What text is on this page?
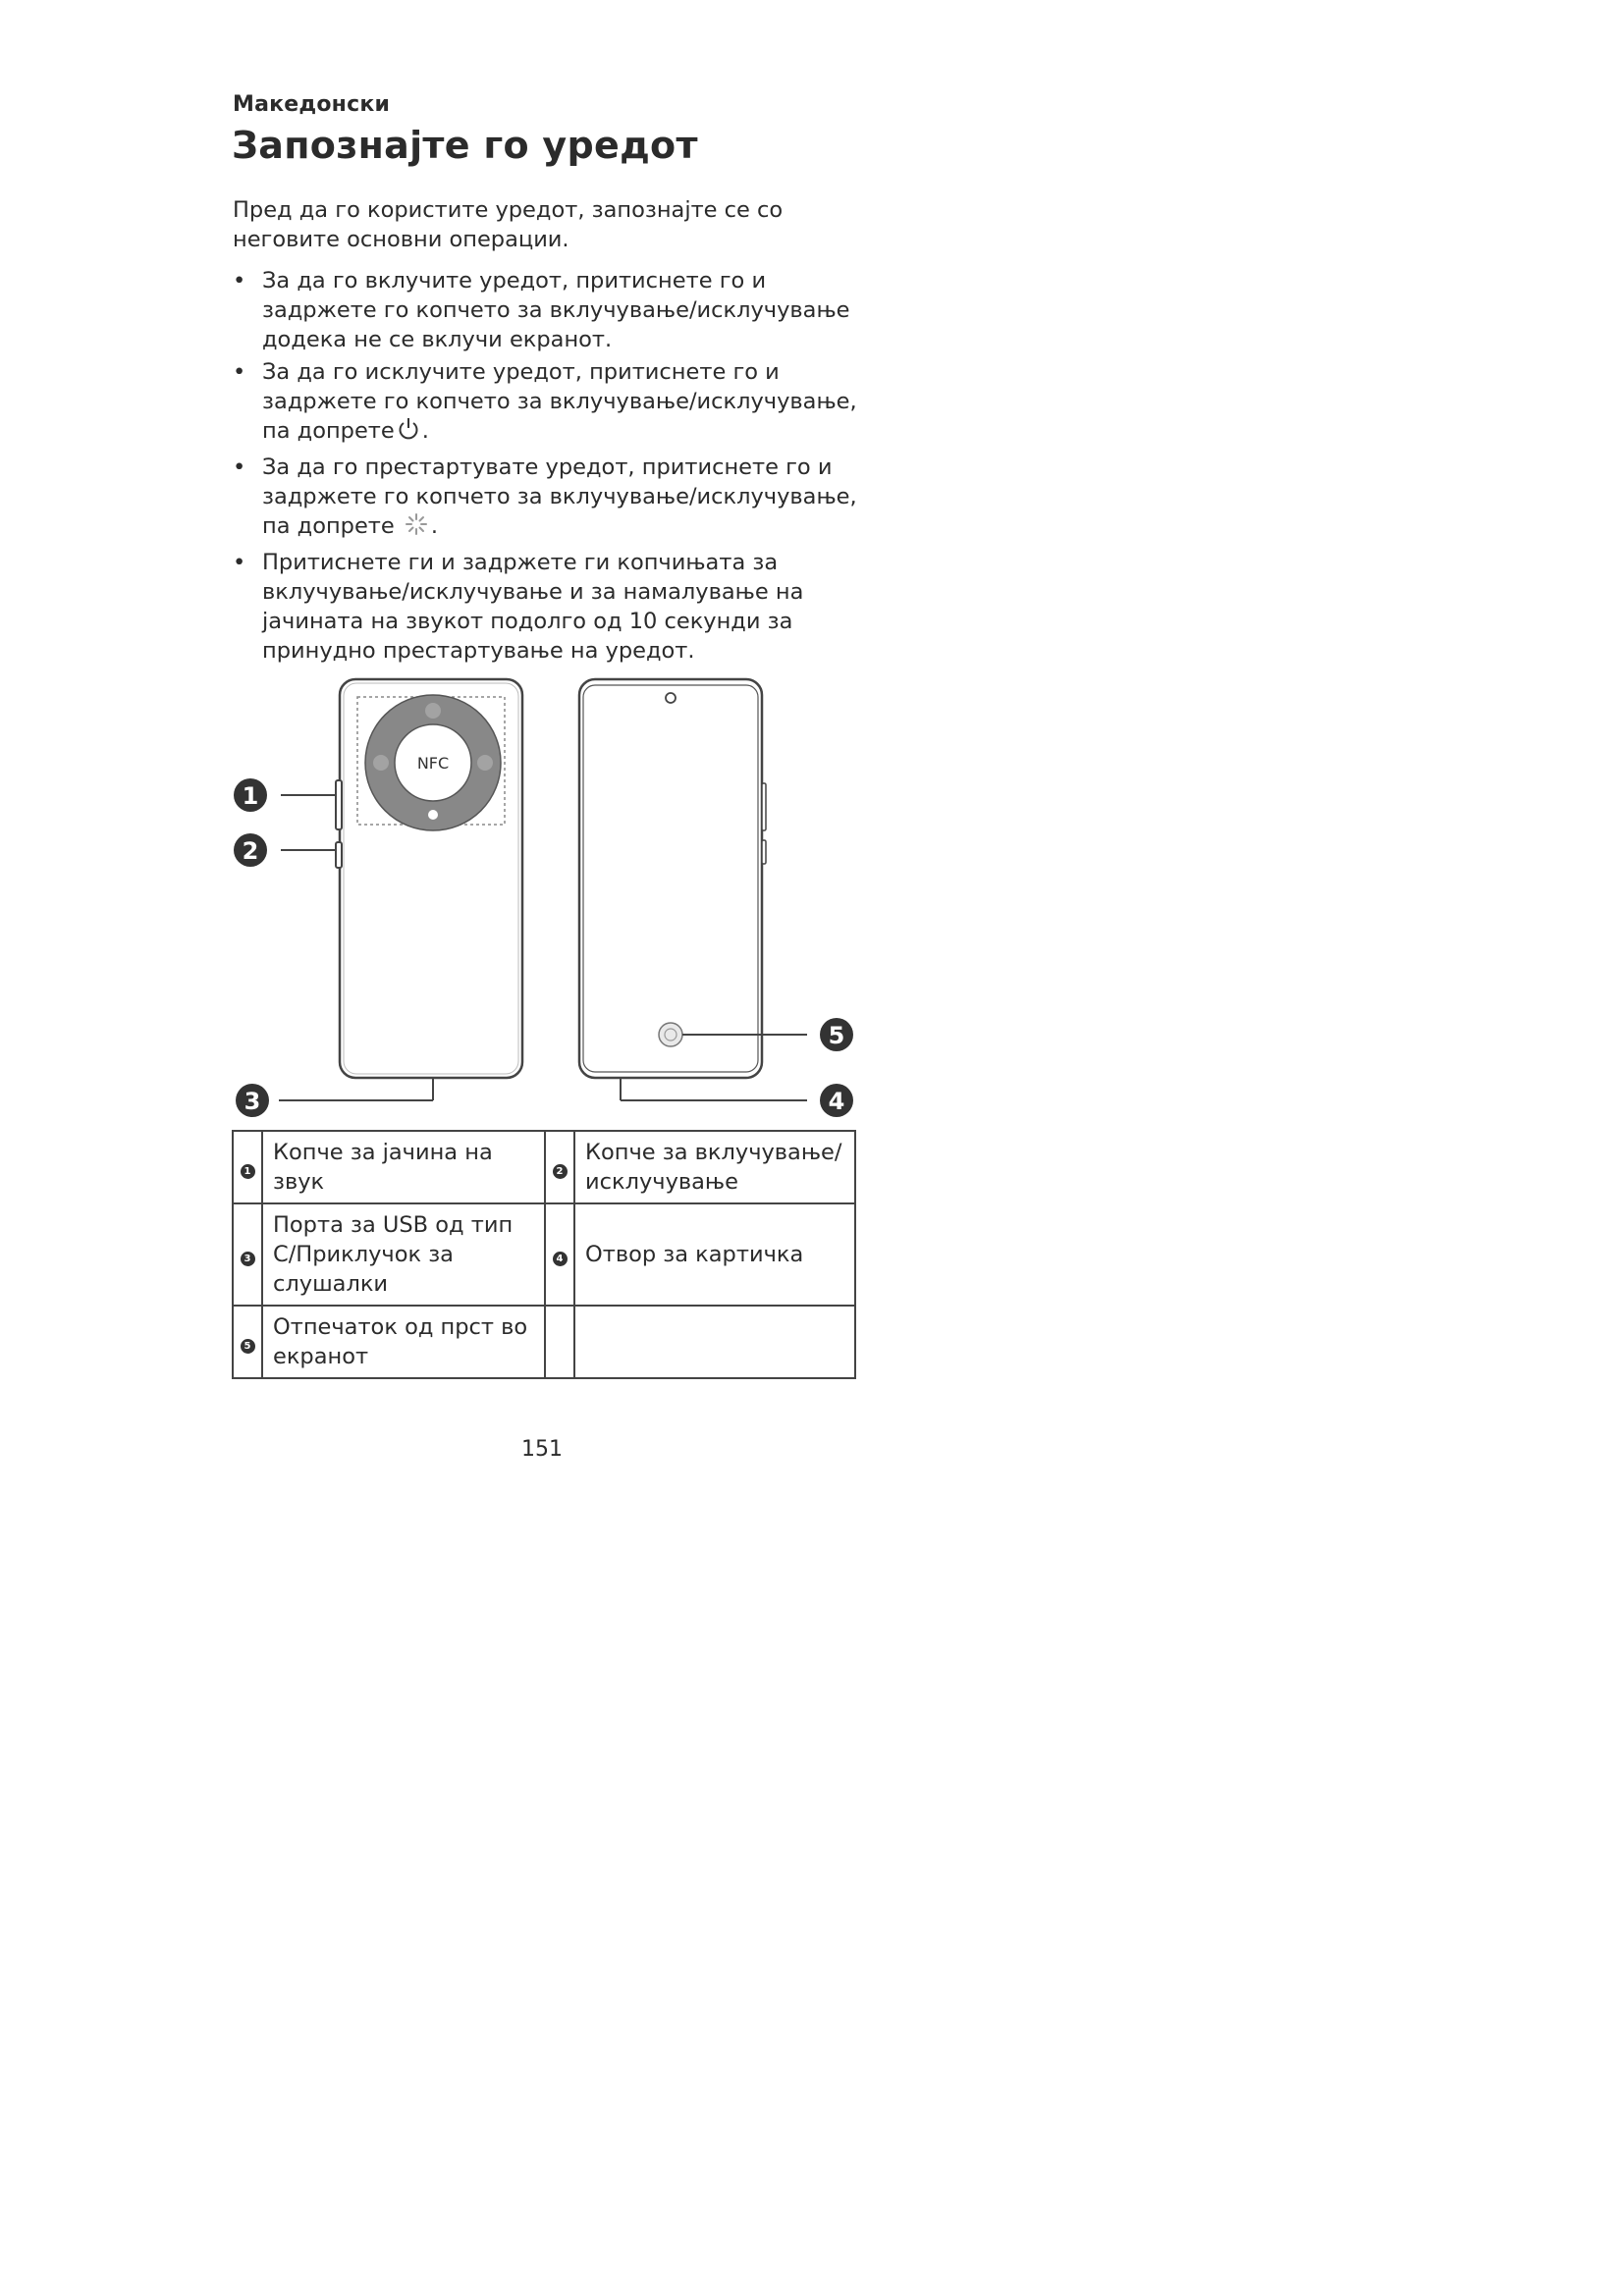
Македонски
Запознајте го уредот

Пред да го користите уредот, запознајте се со неговите основни операции.

• За да го вклучите уредот, притиснете го и
задржете го копчето за вклучување/исклучување додека не се вклучи екранот.
• За да го исклучите уредот, притиснете го и
задржете го копчето за вклучување/исклучување, па допрете .
• За да го престартувате уредот, притиснете го и
задржете го копчето за вклучување/исклучување, па допрете .
• Притиснете ги и задржете ги копчињата за
вклучување/исклучување и за намалување на јачината на звукот подолго од 10 секунди за принудно престартување на уредот.
NFC
1
2
3	4
5
1	Копче за јачина на звук	2	Копче за вклучување/ исклучување
3	Порта за USB од тип C/Приклучок за слушалки	4	Отвор за картичка
5	Отпечаток од прст во екранот		
151
